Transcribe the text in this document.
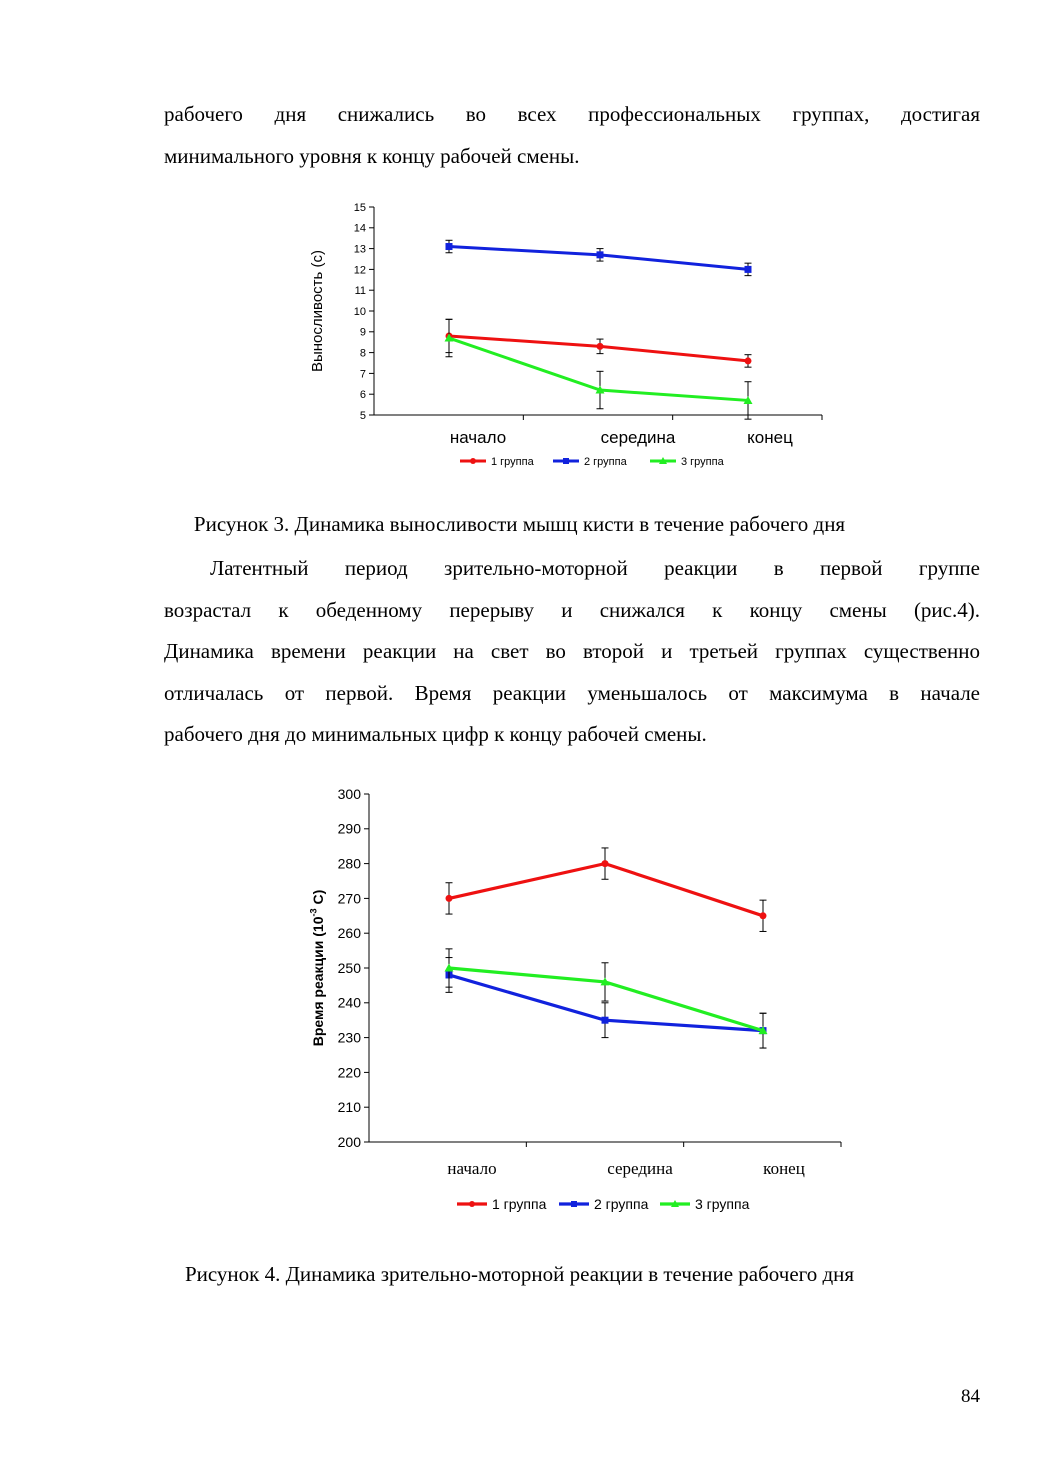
рабочего дня снижались во всех профессиональных группах, достигая
минимального уровня к концу рабочей смены.
5
6
7
8
9
10
11
12
13
14
15
начало	середина	конец
Выносливость (с)
1 группа	2 группа	3 группа
Рисунок 3. Динамика выносливости мышц кисти в течение рабочего дня
Латентный период зрительно-моторной реакции в первой группе
возрастал к обеденному перерыву и снижался к концу смены (рис.4).
Динамика времени реакции на свет во второй и третьей группах существенно
отличалась от первой. Время реакции уменьшалось от максимума в начале
рабочего дня до минимальных цифр к концу рабочей смены.
200
210
220
230
240
250
260
270
280
290
300
начало	середина	конец
Время реакции ($10^{-3}$ С)
1 группа	2 группа	3 группа
Рисунок 4. Динамика зрительно-моторной реакции в течение рабочего дня
84
